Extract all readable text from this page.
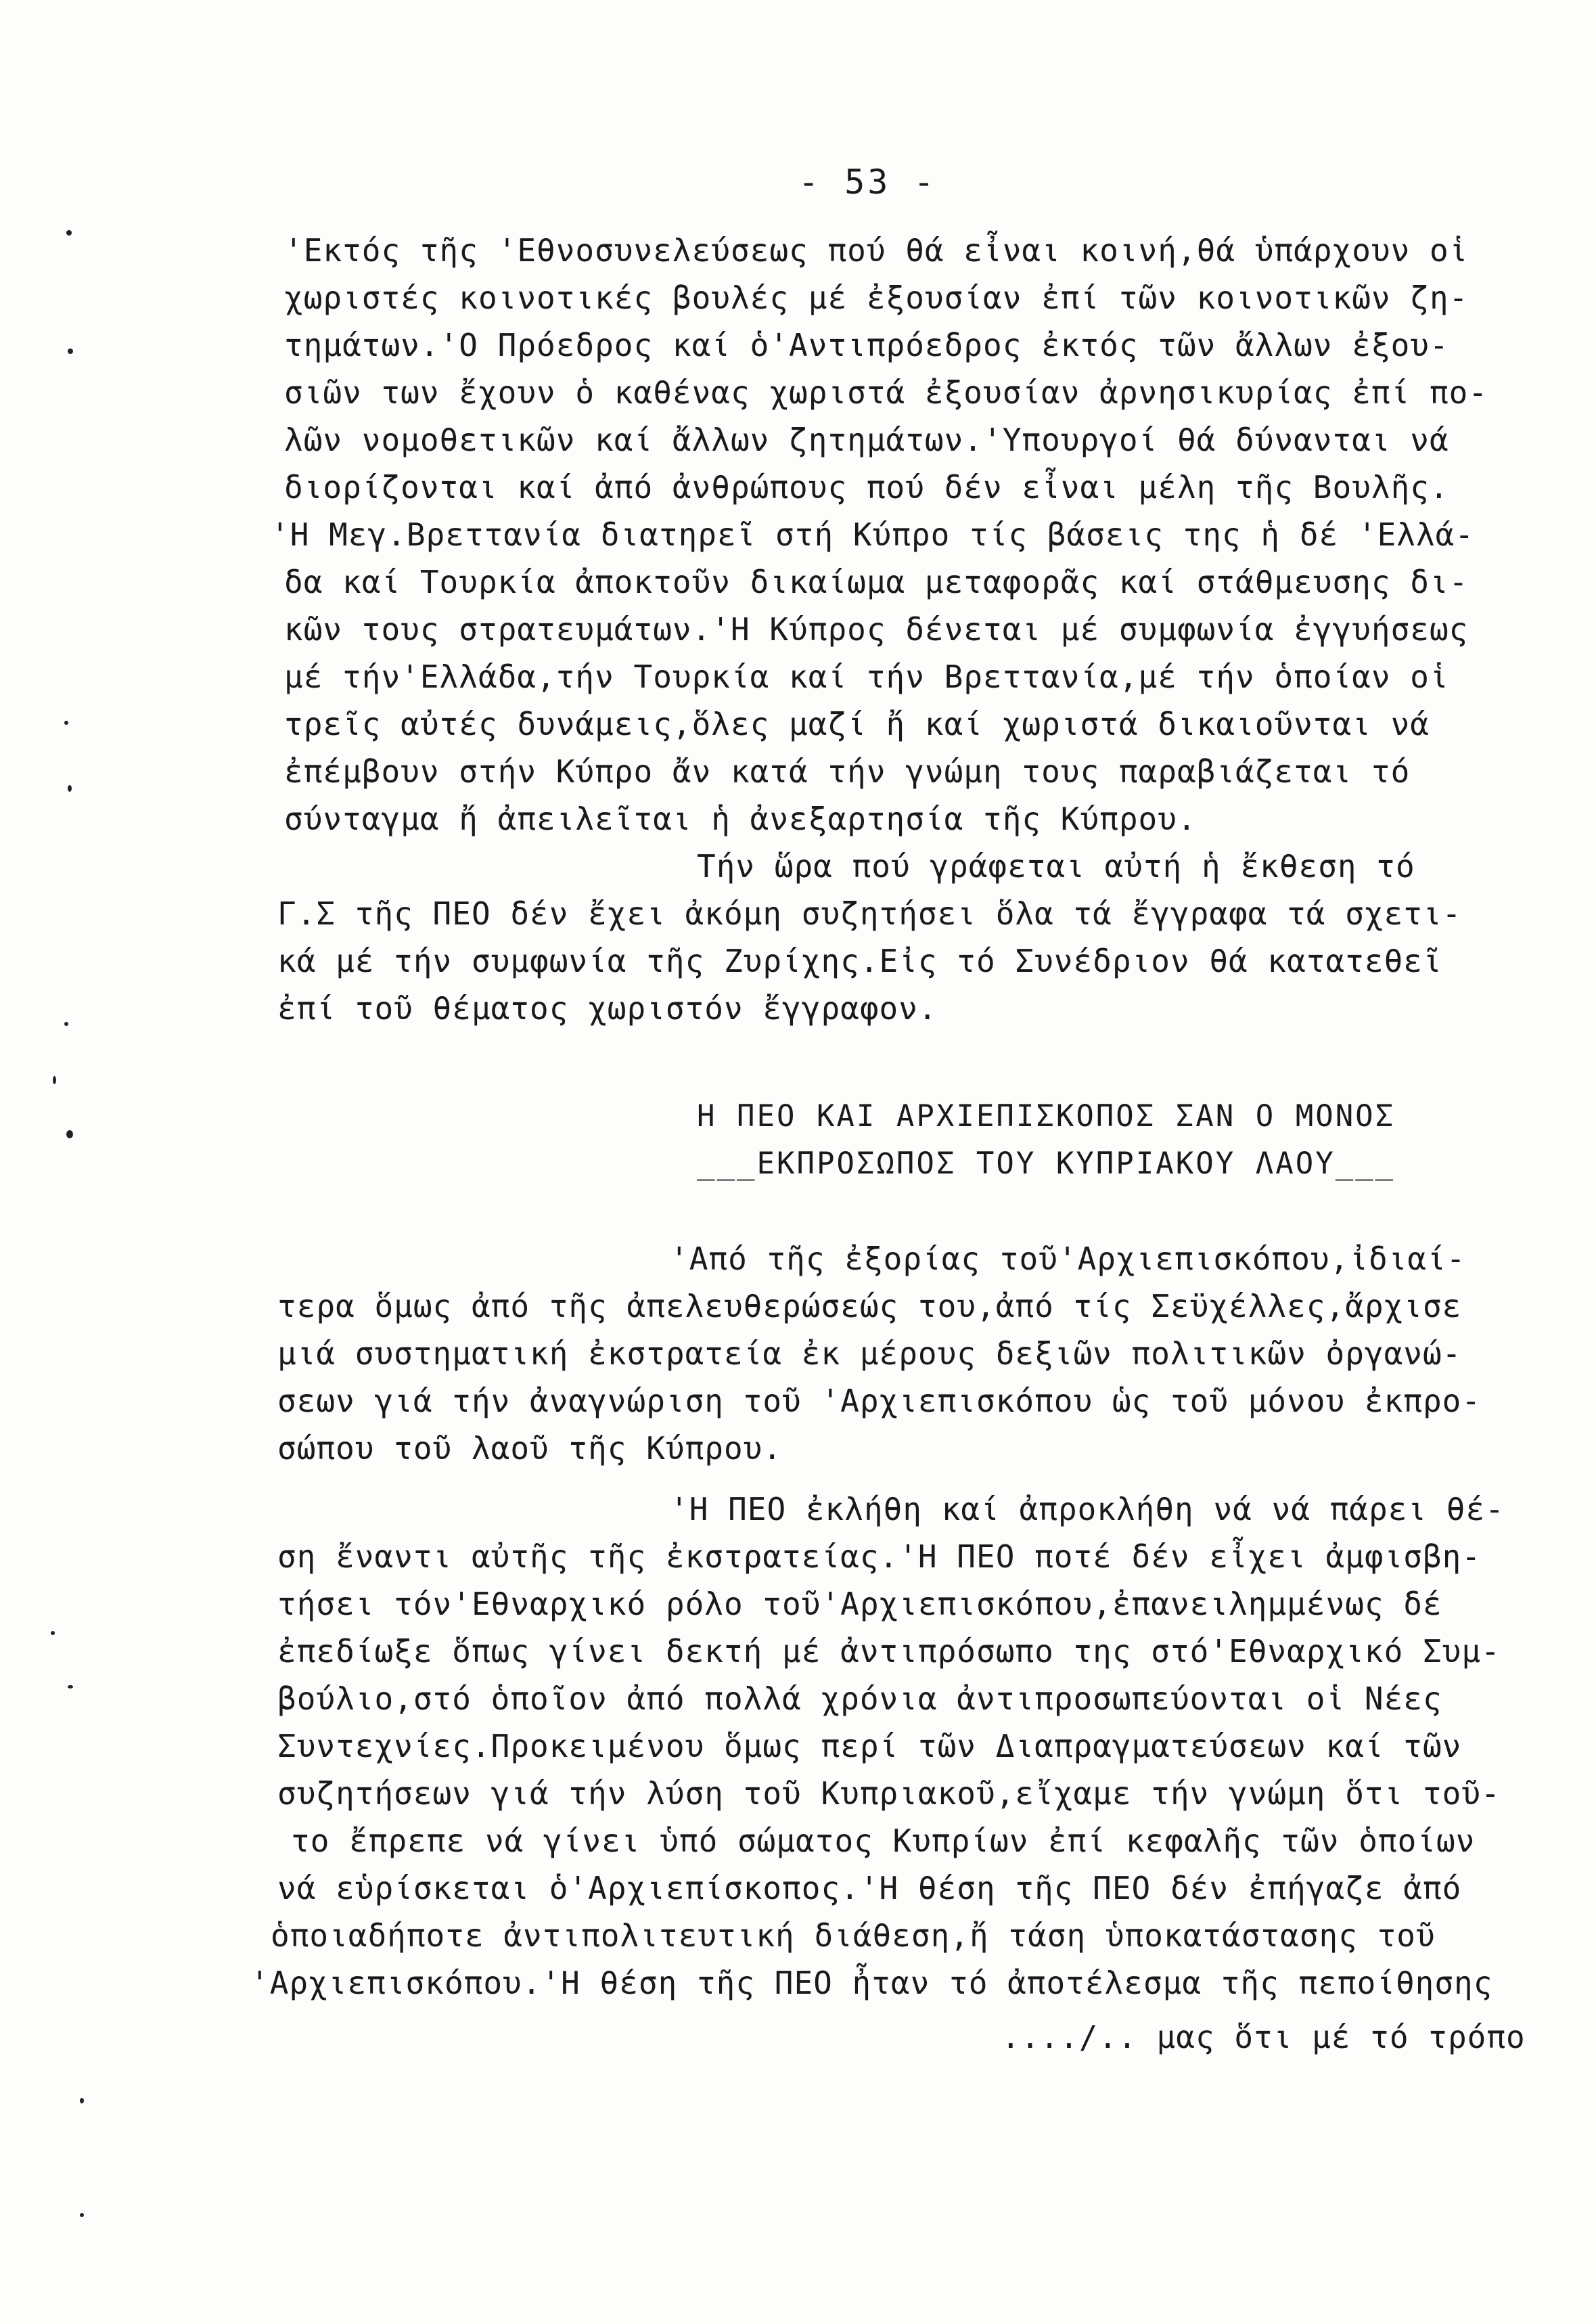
- 53 -
'Εκτός τῆς 'Εθνοσυνελεύσεως πού θά εἶναι κοινή,θά ὑπάρχουν οἱ
χωριστές κοινοτικές βουλές μέ ἐξουσίαν ἐπί τῶν κοινοτικῶν ζη-
τημάτων.'Ο Πρόεδρος καί ὁ'Αντιπρόεδρος ἐκτός τῶν ἄλλων ἐξου-
σιῶν των ἔχουν ὁ καθένας χωριστά ἐξουσίαν ἀρνησικυρίας ἐπί πο-
λῶν νομοθετικῶν καί ἄλλων ζητημάτων.'Υπουργοί θά δύνανται νά
διορίζονται καί ἀπό ἀνθρώπους πού δέν εἶναι μέλη τῆς Βουλῆς.
'Η Μεγ.Βρεττανία διατηρεῖ στή Κύπρο τίς βάσεις της ἡ δέ 'Ελλά-
δα καί Τουρκία ἀποκτοῦν δικαίωμα μεταφορᾶς καί στάθμευσης δι-
κῶν τους στρατευμάτων.'Η Κύπρος δένεται μέ συμφωνία ἐγγυήσεως
μέ τήν'Ελλάδα,τήν Τουρκία καί τήν Βρεττανία,μέ τήν ὁποίαν οἱ
τρεῖς αὐτές δυνάμεις,ὅλες μαζί ἤ καί χωριστά δικαιοῦνται νά
ἐπέμβουν στήν Κύπρο ἄν κατά τήν γνώμη τους παραβιάζεται τό
σύνταγμα ἤ ἀπειλεῖται ἡ ἀνεξαρτησία τῆς Κύπρου.
Τήν ὥρα πού γράφεται αὐτή ἡ ἔκθεση τό
Γ.Σ τῆς ΠΕΟ δέν ἔχει ἀκόμη συζητήσει ὅλα τά ἔγγραφα τά σχετι-
κά μέ τήν συμφωνία τῆς Ζυρίχης.Εἰς τό Συνέδριον θά κατατεθεῖ
ἐπί τοῦ θέματος χωριστόν ἔγγραφον.
Η ΠΕΟ ΚΑΙ ΑΡΧΙΕΠΙΣΚΟΠΟΣ ΣΑΝ Ο ΜΟΝΟΣ
___ΕΚΠΡΟΣΩΠΟΣ ΤΟΥ ΚΥΠΡΙΑΚΟΥ ΛΑΟΥ___
'Από τῆς ἐξορίας τοῦ'Αρχιεπισκόπου,ἰδιαί-
τερα ὅμως ἀπό τῆς ἀπελευθερώσεώς του,ἀπό τίς Σεϋχέλλες,ἄρχισε
μιά συστηματική ἐκστρατεία ἐκ μέρους δεξιῶν πολιτικῶν ὀργανώ-
σεων γιά τήν ἀναγνώριση τοῦ 'Αρχιεπισκόπου ὡς τοῦ μόνου ἐκπρο-
σώπου τοῦ λαοῦ τῆς Κύπρου.
'Η ΠΕΟ ἐκλήθη καί ἀπροκλήθη νά νά πάρει θέ-
ση ἔναντι αὐτῆς τῆς ἐκστρατείας.'Η ΠΕΟ ποτέ δέν εἶχει ἀμφισβη-
τήσει τόν'Εθναρχικό ρόλο τοῦ'Αρχιεπισκόπου,ἐπανειλημμένως δέ
ἐπεδίωξε ὅπως γίνει δεκτή μέ ἀντιπρόσωπο της στό'Εθναρχικό Συμ-
βούλιο,στό ὁποῖον ἀπό πολλά χρόνια ἀντιπροσωπεύονται οἱ Νέες
Συντεχνίες.Προκειμένου ὅμως περί τῶν Διαπραγματεύσεων καί τῶν
συζητήσεων γιά τήν λύση τοῦ Κυπριακοῦ,εἴχαμε τήν γνώμη ὅτι τοῦ-
το ἔπρεπε νά γίνει ὑπό σώματος Κυπρίων ἐπί κεφαλῆς τῶν ὁποίων
νά εὑρίσκεται ὁ'Αρχιεπίσκοπος.'Η θέση τῆς ΠΕΟ δέν ἐπήγαζε ἀπό
ὁποιαδήποτε ἀντιπολιτευτική διάθεση,ἤ τάση ὑποκατάστασης τοῦ
'Αρχιεπισκόπου.'Η θέση τῆς ΠΕΟ ἦταν τό ἀποτέλεσμα τῆς πεποίθησης
..../.. μας ὅτι μέ τό τρόπο
